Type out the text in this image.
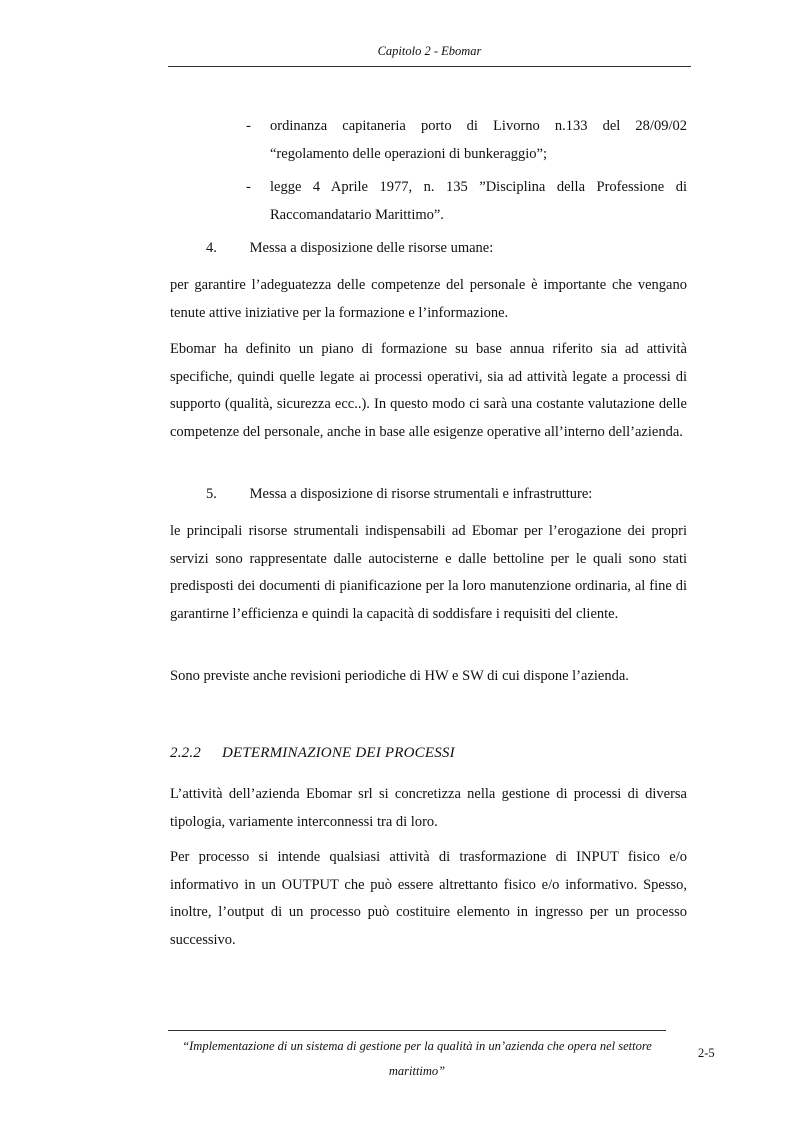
Capitolo 2 - Ebomar
-	ordinanza capitaneria porto di Livorno n.133 del 28/09/02 “regolamento delle operazioni di bunkeraggio”;
-	legge 4 Aprile 1977, n. 135 ”Disciplina della Professione di Raccomandatario Marittimo”.
4. Messa a disposizione delle risorse umane:
per garantire l’adeguatezza delle competenze del personale è importante che vengano tenute attive iniziative per la formazione e l’informazione.
Ebomar ha definito un piano di formazione su base annua riferito sia ad attività specifiche, quindi quelle legate ai processi operativi, sia ad attività legate a processi di supporto (qualità, sicurezza ecc..). In questo modo ci sarà una costante valutazione delle competenze del personale, anche in base alle esigenze operative all’interno dell’azienda.
5. Messa a disposizione di risorse strumentali e infrastrutture:
le principali risorse strumentali indispensabili ad Ebomar per l’erogazione dei propri servizi sono rappresentate dalle autocisterne e dalle bettoline per le quali sono stati predisposti dei documenti di pianificazione per la loro manutenzione ordinaria, al fine di garantirne l’efficienza e quindi la capacità di soddisfare i requisiti del cliente.
Sono previste anche revisioni periodiche di HW e SW di cui dispone l’azienda.
2.2.2 DETERMINAZIONE DEI PROCESSI
L’attività dell’azienda Ebomar srl si concretizza nella gestione di processi di diversa tipologia, variamente interconnessi tra di loro.
Per processo si intende qualsiasi attività di trasformazione di INPUT fisico e/o informativo in un OUTPUT che può essere altrettanto fisico e/o informativo. Spesso, inoltre, l’output di un processo può costituire elemento in ingresso per un processo successivo.
“Implementazione di un sistema di gestione per la qualità in un’azienda che opera nel settore marittimo”
2-5
